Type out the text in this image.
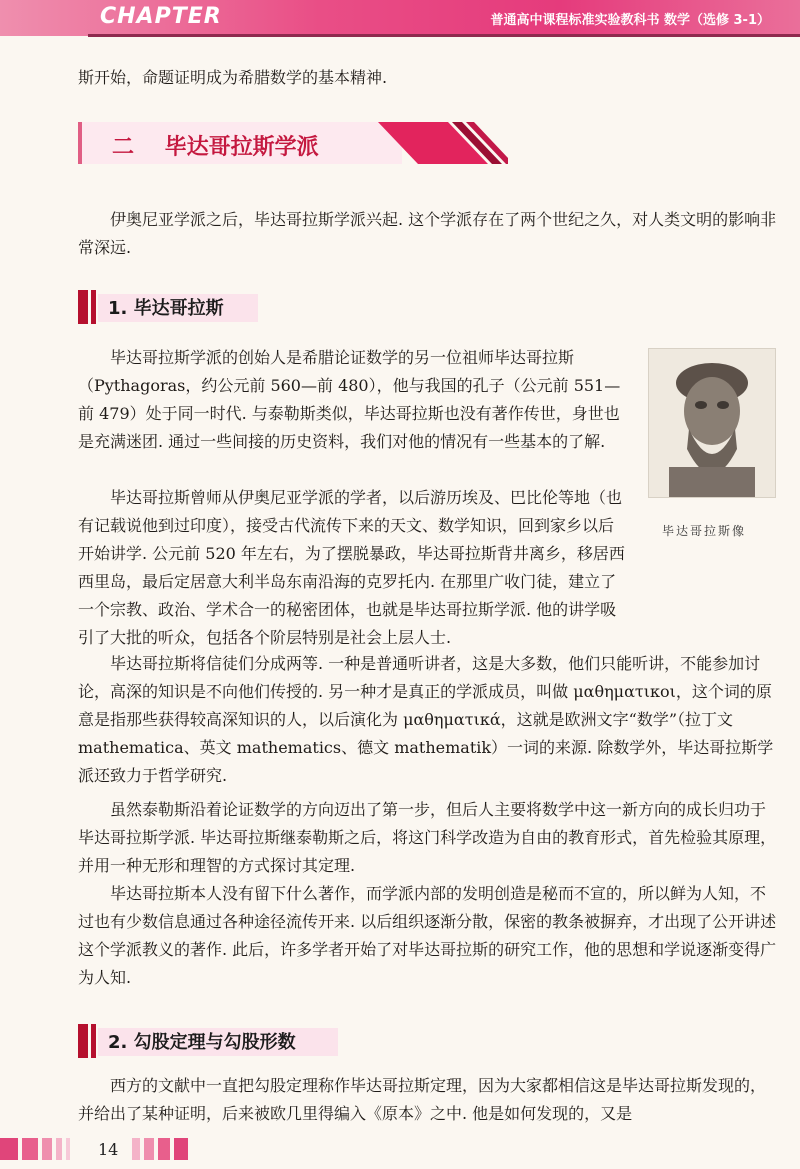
CHAPTER	普通高中课程标准实验教科书 数学（选修 3-1）

斯开始，命题证明成为希腊数学的基本精神.

二    毕达哥拉斯学派

伊奥尼亚学派之后，毕达哥拉斯学派兴起. 这个学派存在了两个世纪之久，对人类文明的影响非常深远.

1. 毕达哥拉斯

毕达哥拉斯学派的创始人是希腊论证数学的另一位祖师毕达哥拉斯（Pythagoras，约公元前 560—前 480），他与我国的孔子（公元前 551—前 479）处于同一时代. 与泰勒斯类似，毕达哥拉斯也没有著作传世，身世也是充满迷团. 通过一些间接的历史资料，我们对他的情况有一些基本的了解.

毕达哥拉斯曾师从伊奥尼亚学派的学者，以后游历埃及、巴比伦等地（也有记载说他到过印度），接受古代流传下来的天文、数学知识，回到家乡以后开始讲学. 公元前 520 年左右，为了摆脱暴政，毕达哥拉斯背井离乡，移居西西里岛，最后定居意大利半岛东南沿海的克罗托内. 在那里广收门徒，建立了一个宗教、政治、学术合一的秘密团体，也就是毕达哥拉斯学派. 他的讲学吸引了大批的听众，包括各个阶层特别是社会上层人士.

毕达哥拉斯像

毕达哥拉斯将信徒们分成两等. 一种是普通听讲者，这是大多数，他们只能听讲，不能参加讨论，高深的知识是不向他们传授的. 另一种才是真正的学派成员，叫做 μαθηματικοι，这个词的原意是指那些获得较高深知识的人，以后演化为 μαθηματικά，这就是欧洲文字“数学”（拉丁文 mathematica、英文 mathematics、德文 mathematik）一词的来源. 除数学外，毕达哥拉斯学派还致力于哲学研究.

虽然泰勒斯沿着论证数学的方向迈出了第一步，但后人主要将数学中这一新方向的成长归功于毕达哥拉斯学派. 毕达哥拉斯继泰勒斯之后，将这门科学改造为自由的教育形式，首先检验其原理，并用一种无形和理智的方式探讨其定理.

毕达哥拉斯本人没有留下什么著作，而学派内部的发明创造是秘而不宣的，所以鲜为人知，不过也有少数信息通过各种途径流传开来. 以后组织逐渐分散，保密的教条被摒弃，才出现了公开讲述这个学派教义的著作. 此后，许多学者开始了对毕达哥拉斯的研究工作，他的思想和学说逐渐变得广为人知.

2. 勾股定理与勾股形数

西方的文献中一直把勾股定理称作毕达哥拉斯定理，因为大家都相信这是毕达哥拉斯发现的，并给出了某种证明，后来被欧几里得编入《原本》之中. 他是如何发现的，又是

14
